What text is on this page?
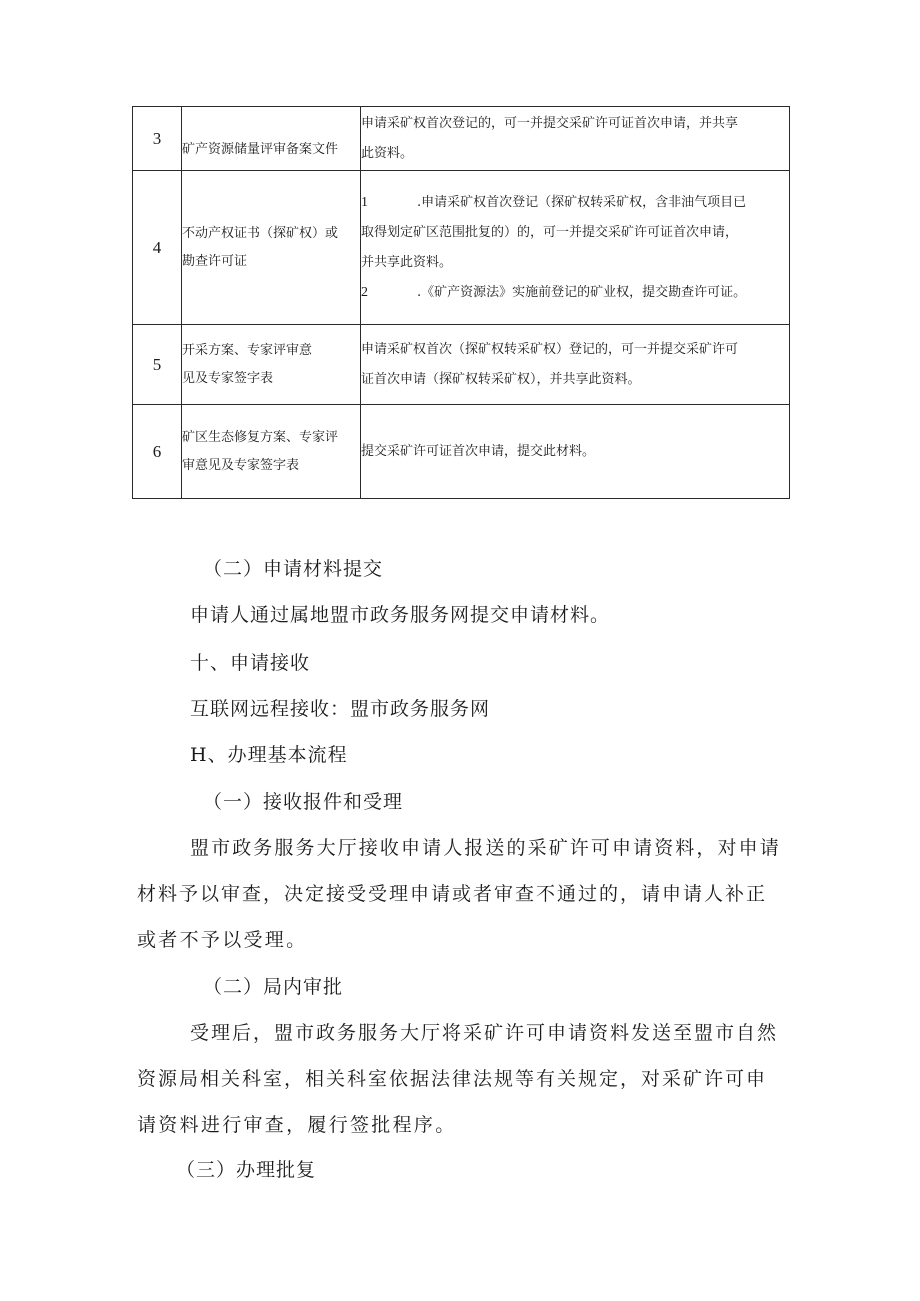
3	矿产资源储量评审备案文件	申请采矿权首次登记的，可一并提交采矿许可证首次申请，并共享
此资料。

4	不动产权证书（探矿权）或
勘查许可证	1 .申请采矿权首次登记（探矿权转采矿权，含非油气项目已
取得划定矿区范围批复的）的，可一并提交采矿许可证首次申请，
并共享此资料。
2 .《矿产资源法》实施前登记的矿业权，提交勘查许可证。

5	开采方案、专家评审意
见及专家签字表	申请采矿权首次（探矿权转采矿权）登记的，可一并提交采矿许可
证首次申请（探矿权转采矿权），并共享此资料。

6	矿区生态修复方案、专家评
审意见及专家签字表	提交采矿许可证首次申请，提交此材料。
（二）申请材料提交
申请人通过属地盟市政务服务网提交申请材料。
十、申请接收
互联网远程接收：盟市政务服务网
H、办理基本流程
（一）接收报件和受理
盟市政务服务大厅接收申请人报送的采矿许可申请资料，对申请
材料予以审查，决定接受受理申请或者审查不通过的，请申请人补正
或者不予以受理。
（二）局内审批
受理后，盟市政务服务大厅将采矿许可申请资料发送至盟市自然
资源局相关科室，相关科室依据法律法规等有关规定，对采矿许可申
请资料进行审查，履行签批程序。
（三）办理批复
